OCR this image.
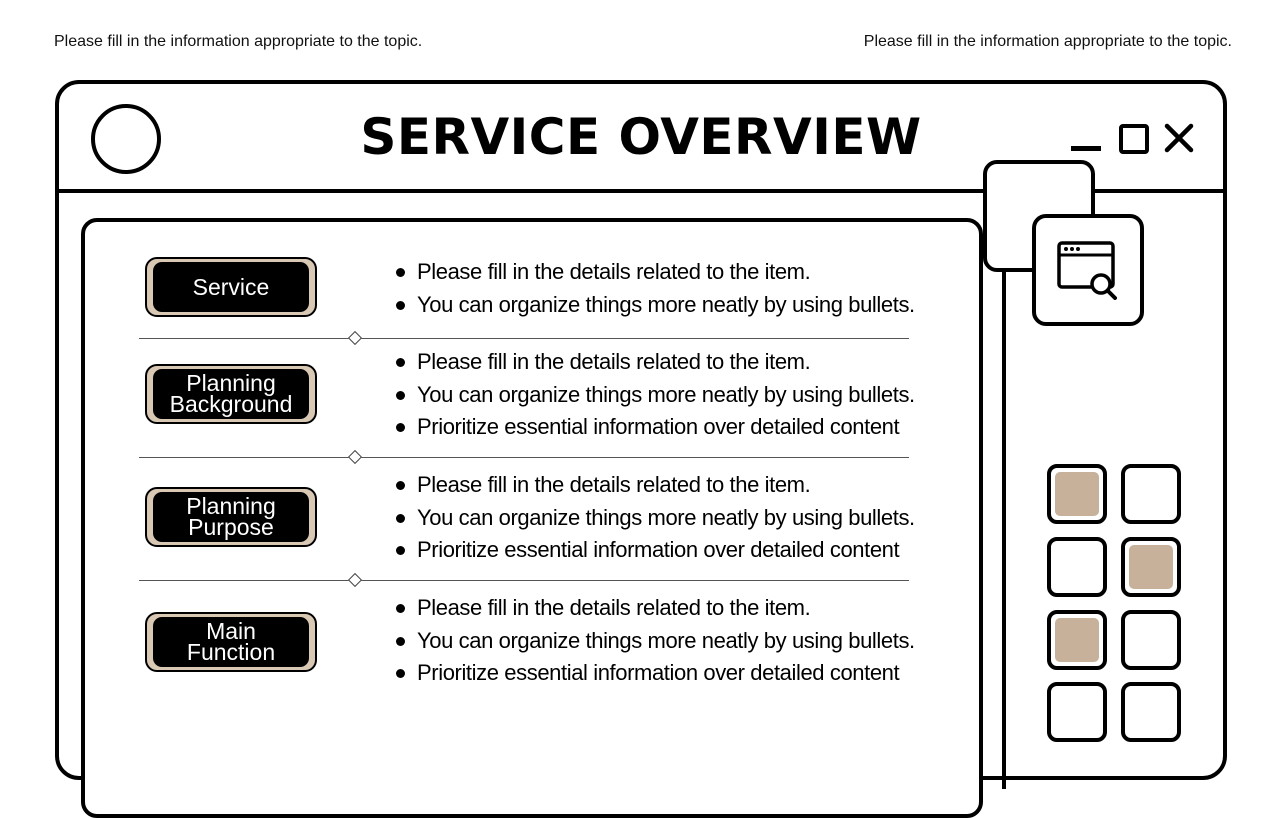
Please fill in the information appropriate to the topic.	Please fill in the information appropriate to the topic.
SERVICE OVERVIEW
Service
Please fill in the details related to the item.
You can organize things more neatly by using bullets.
Planning
Background
Please fill in the details related to the item.
You can organize things more neatly by using bullets.
Prioritize essential information over detailed content
Planning
Purpose
Please fill in the details related to the item.
You can organize things more neatly by using bullets.
Prioritize essential information over detailed content
Main
Function
Please fill in the details related to the item.
You can organize things more neatly by using bullets.
Prioritize essential information over detailed content
